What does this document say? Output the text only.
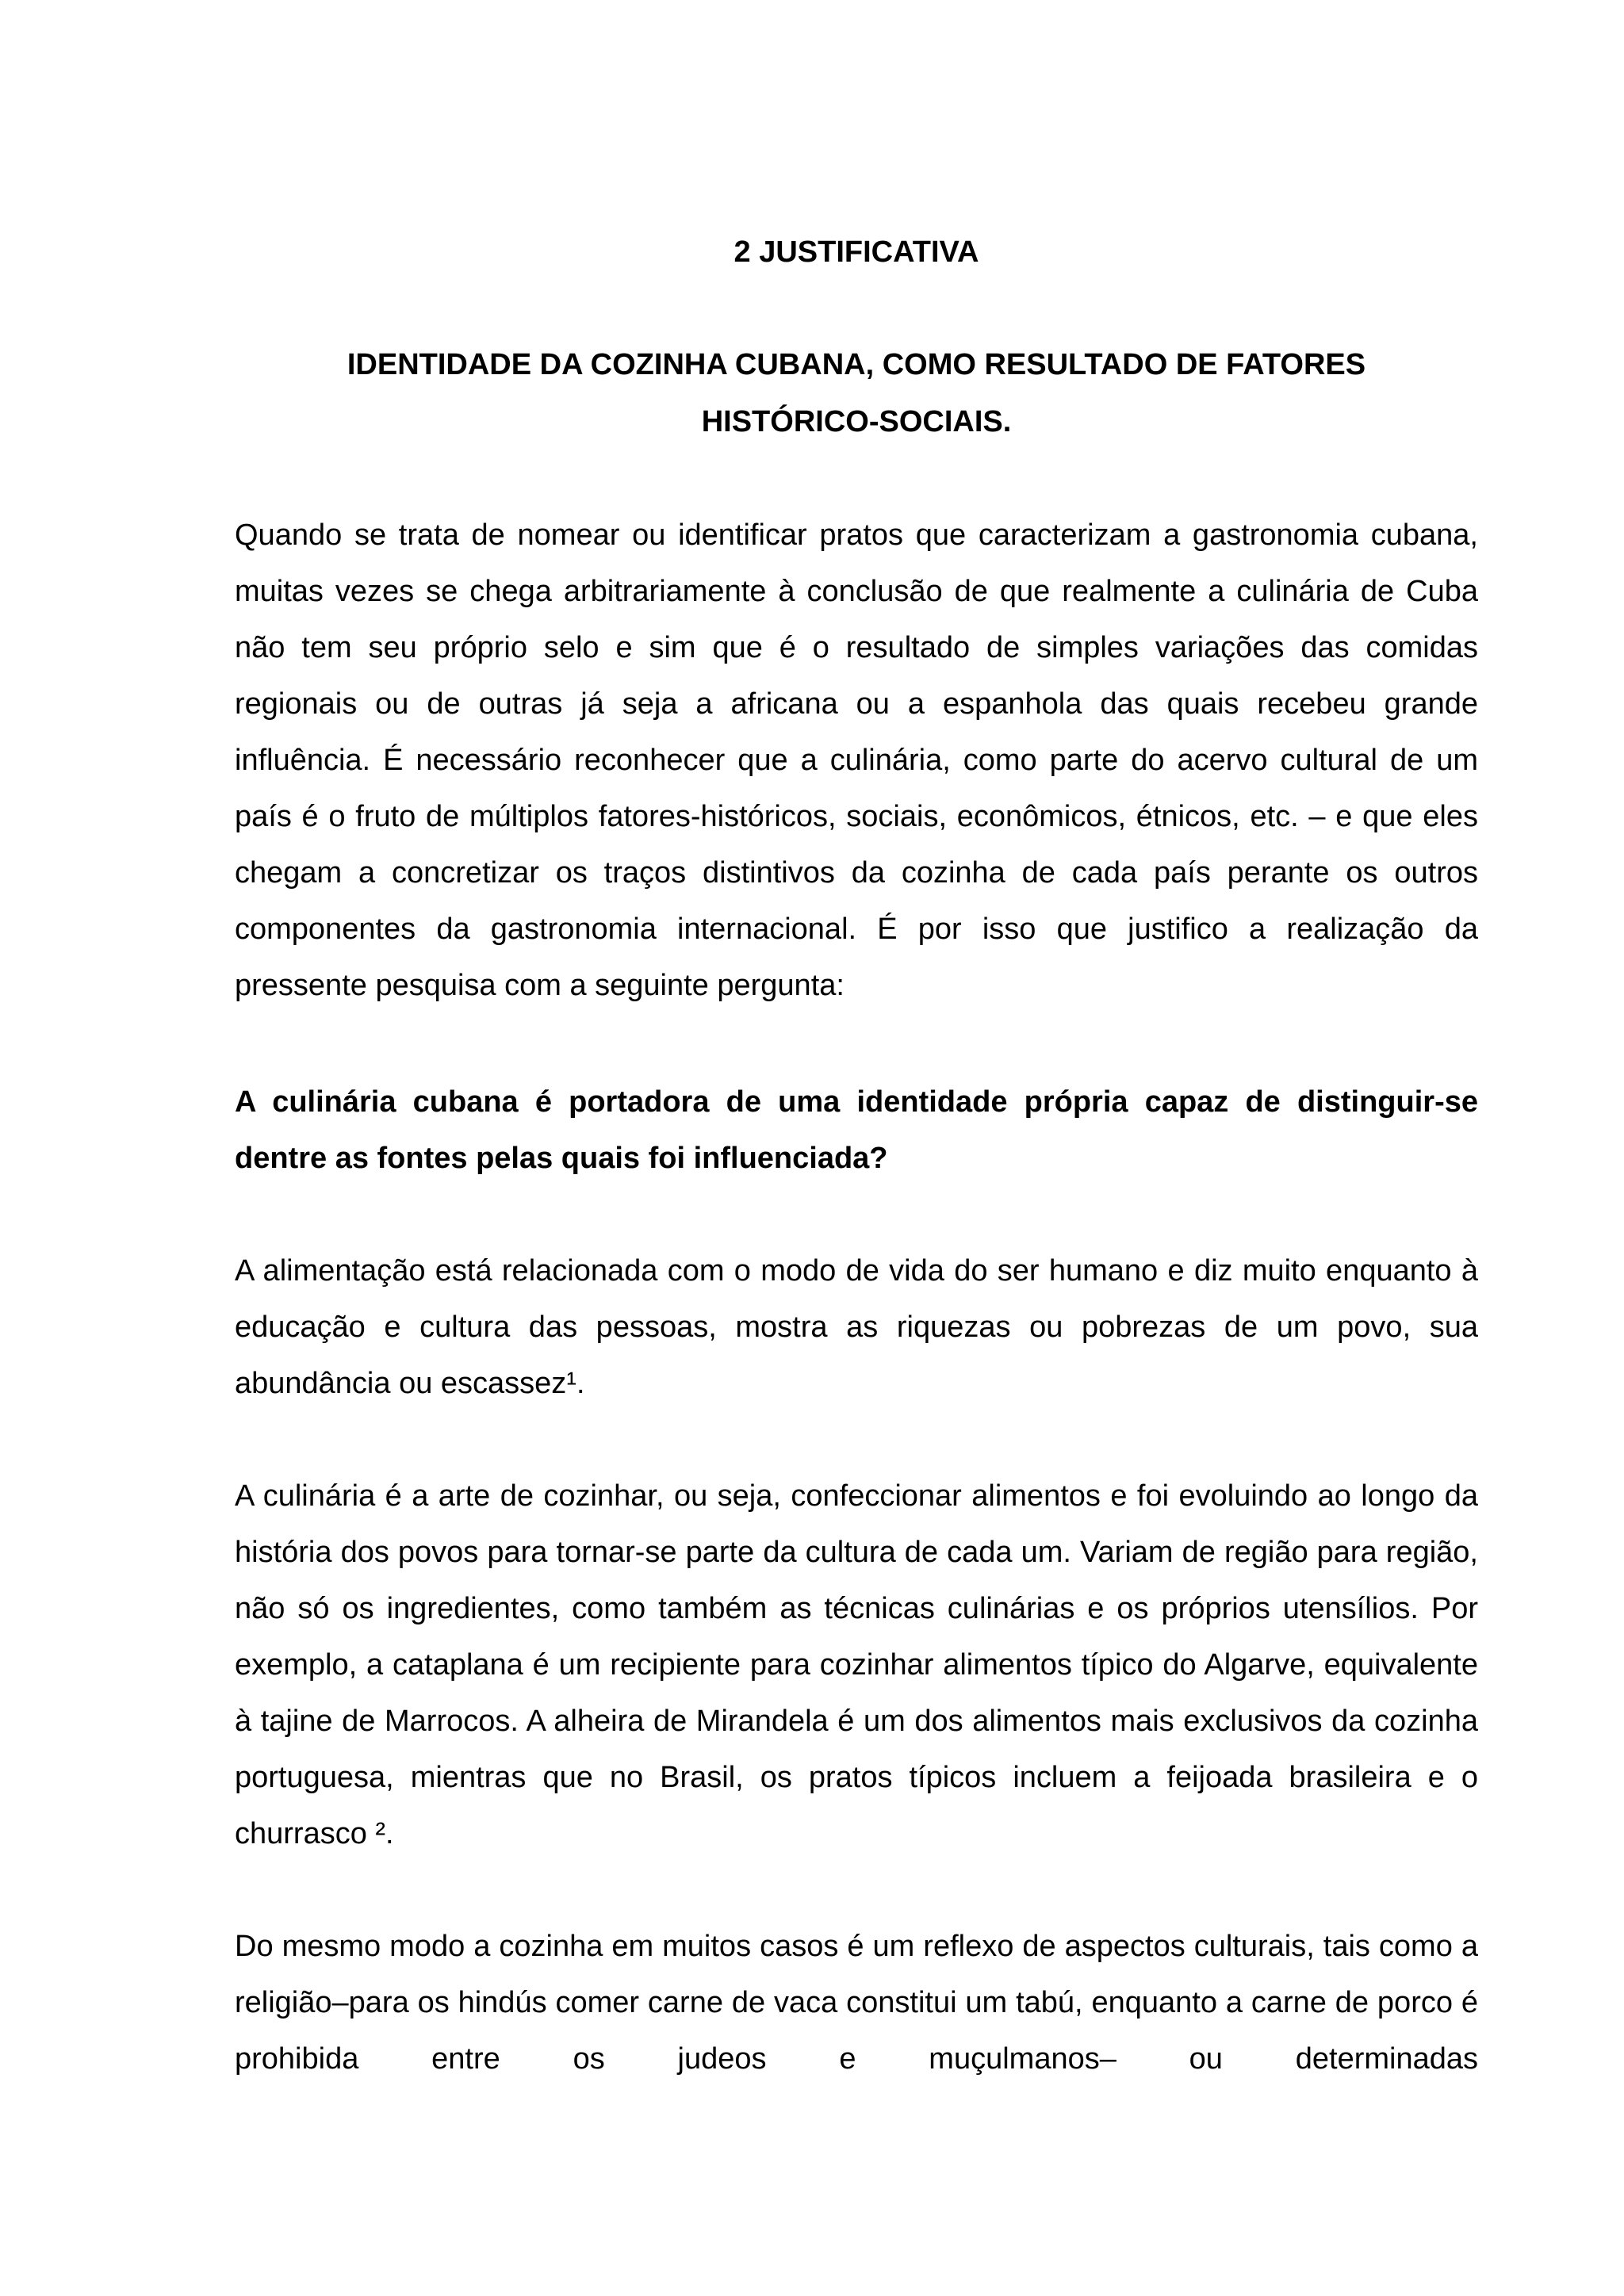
2 JUSTIFICATIVA
IDENTIDADE DA COZINHA CUBANA, COMO RESULTADO DE FATORES
HISTÓRICO-SOCIAIS.

Quando se trata de nomear ou identificar pratos que caracterizam a gastronomia cubana, muitas vezes se chega arbitrariamente à conclusão de que realmente a culinária de Cuba não tem seu próprio selo e sim que é o resultado de simples variações das comidas regionais ou de outras já seja a africana ou a espanhola das quais recebeu grande influência. É necessário reconhecer que a culinária, como parte do acervo cultural de um país é o fruto de múltiplos fatores-históricos, sociais, econômicos, étnicos, etc. – e que eles chegam a concretizar os traços distintivos da cozinha de cada país perante os outros componentes da gastronomia internacional. É por isso que justifico a realização da pressente pesquisa com a seguinte pergunta:

A culinária cubana é portadora de uma identidade própria capaz de distinguir-se dentre as fontes pelas quais foi influenciada?

A alimentação está relacionada com o modo de vida do ser humano e diz muito enquanto à educação e cultura das pessoas, mostra as riquezas ou pobrezas de um povo, sua abundância ou escassez¹.

A culinária é a arte de cozinhar, ou seja, confeccionar alimentos e foi evoluindo ao longo da história dos povos para tornar-se parte da cultura de cada um. Variam de região para região, não só os ingredientes, como também as técnicas culinárias e os próprios utensílios. Por exemplo, a cataplana é um recipiente para cozinhar alimentos típico do Algarve, equivalente à tajine de Marrocos. A alheira de Mirandela é um dos alimentos mais exclusivos da cozinha portuguesa, mientras que no Brasil, os pratos típicos incluem a feijoada brasileira e o churrasco ².

Do mesmo modo a cozinha em muitos casos é um reflexo de aspectos culturais, tais como a religião–para os hindús comer carne de vaca constitui um tabú, enquanto a carne de porco é prohibida entre os judeos e muçulmanos– ou determinadas
